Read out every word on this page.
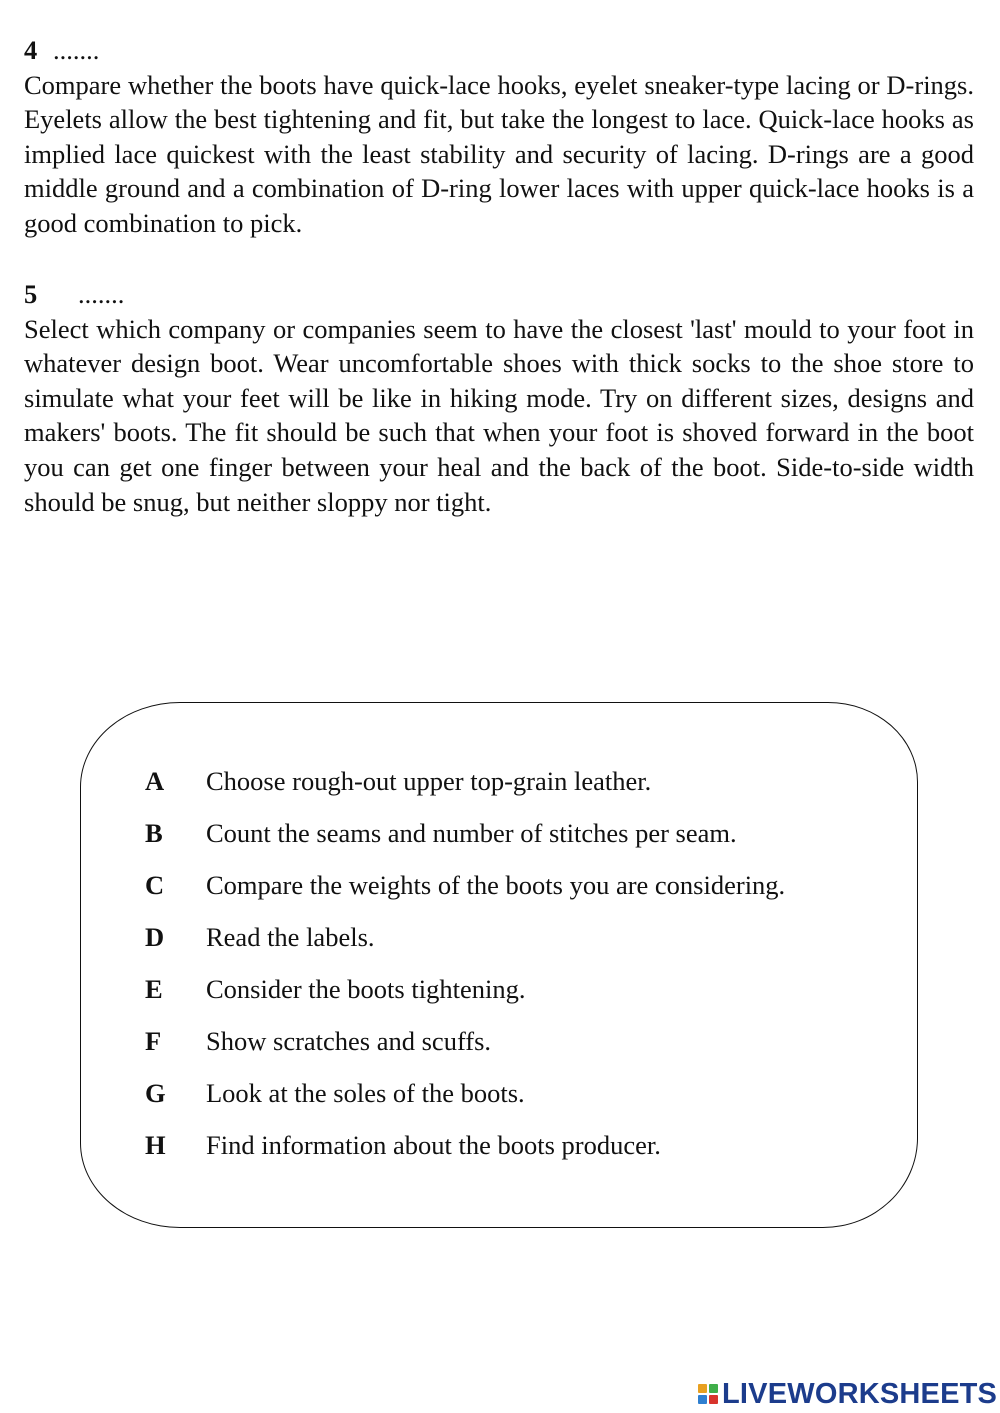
4 .......

Compare whether the boots have quick-lace hooks, eyelet sneaker-type lacing or D-rings. Eyelets allow the best tightening and fit, but take the longest to lace. Quick-lace hooks as implied lace quickest with the least stability and security of lacing. D-rings are a good middle ground and a combination of D-ring lower laces with upper quick-lace hooks is a good combination to pick.

5	.......

Select which company or companies seem to have the closest 'last' mould to your foot in whatever design boot. Wear uncomfortable shoes with thick socks to the shoe store to simulate what your feet will be like in hiking mode. Try on different sizes, designs and makers' boots. The fit should be such that when your foot is shoved forward in the boot you can get one finger between your heal and the back of the boot. Side-to-side width should be snug, but neither sloppy nor tight.

A	Choose rough-out upper top-grain leather.
B	Count the seams and number of stitches per seam.
C	Compare the weights of the boots you are considering.
D	Read the labels.
E	Consider the boots tightening.
F	Show scratches and scuffs.
G	Look at the soles of the boots.
H	Find information about the boots producer.
LIVEWORKSHEETS
